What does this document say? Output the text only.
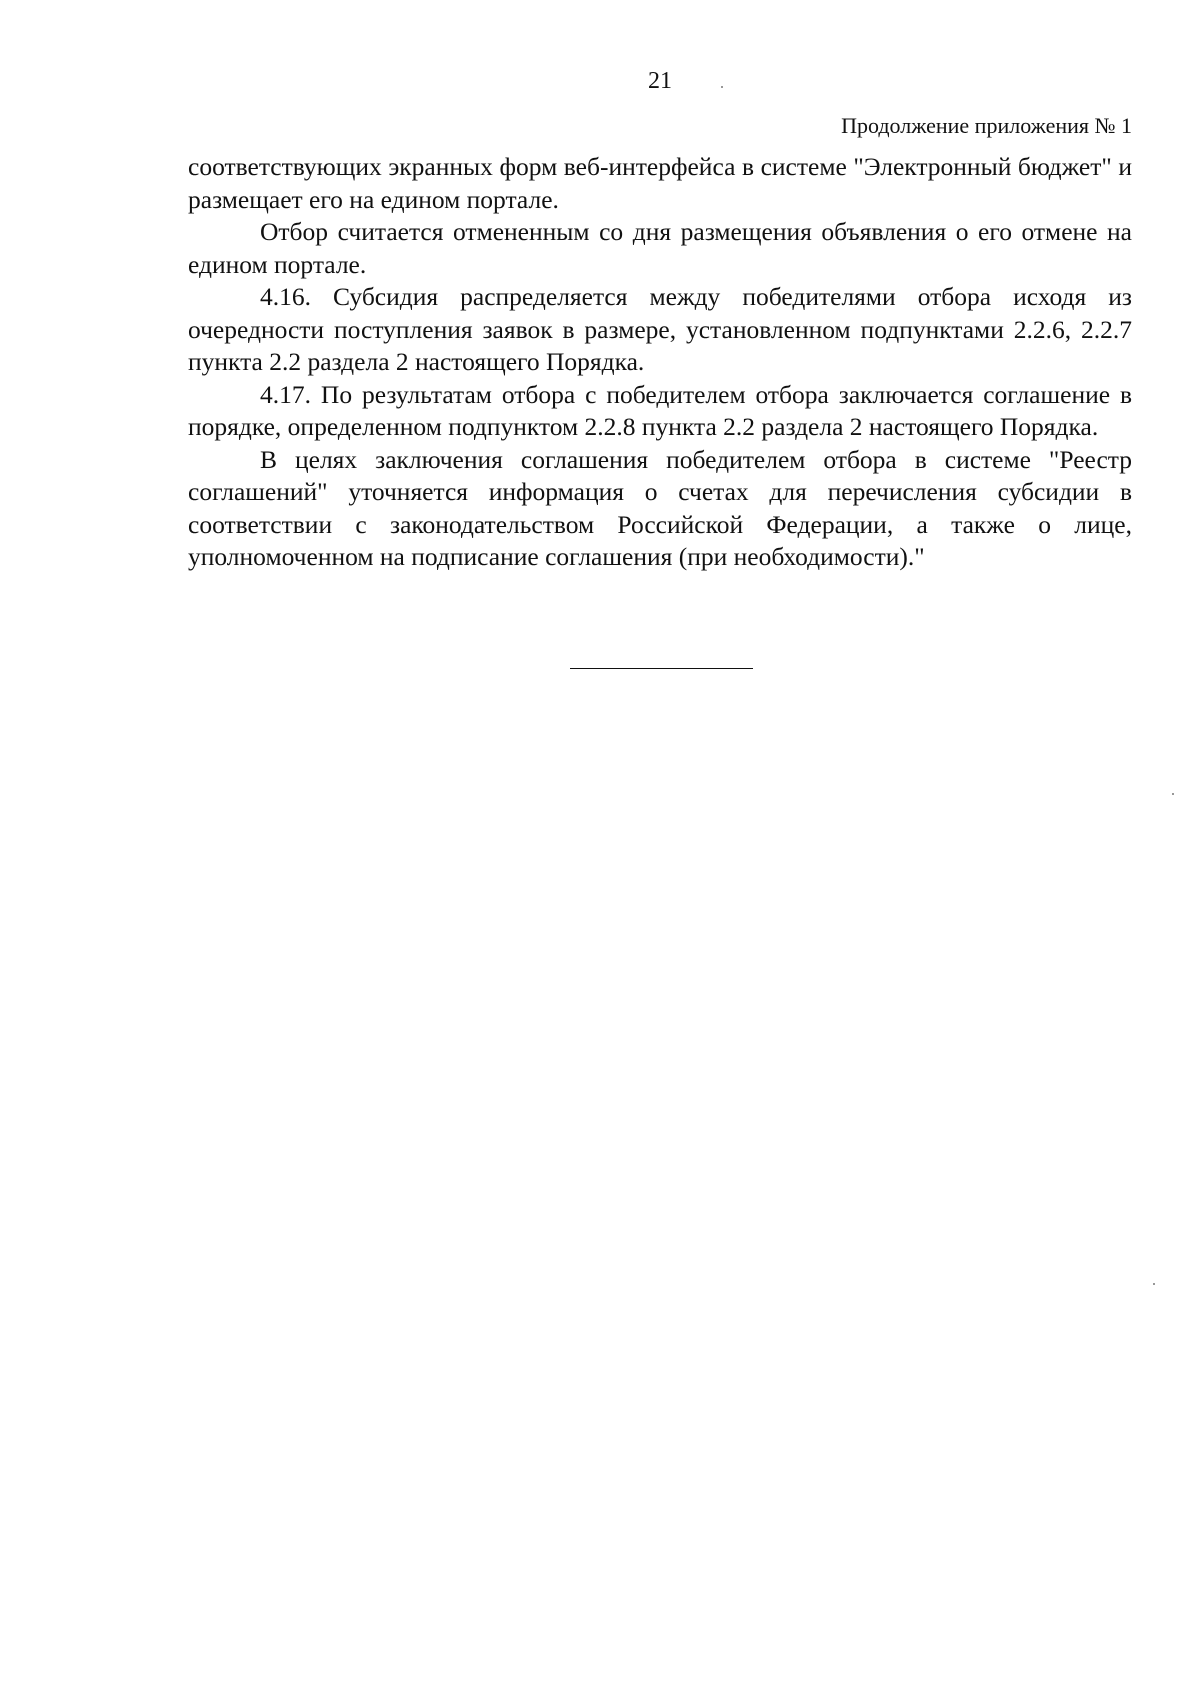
21
Продолжение приложения № 1

соответствующих экранных форм веб-интерфейса в системе "Электронный бюджет" и размещает его на едином портале.

Отбор считается отмененным со дня размещения объявления о его отмене на едином портале.

4.16. Субсидия распределяется между победителями отбора исходя из очередности поступления заявок в размере, установленном подпунктами 2.2.6, 2.2.7 пункта 2.2 раздела 2 настоящего Порядка.

4.17. По результатам отбора с победителем отбора заключается соглашение в порядке, определенном подпунктом 2.2.8 пункта 2.2 раздела 2 настоящего Порядка.

В целях заключения соглашения победителем отбора в системе "Реестр соглашений" уточняется информация о счетах для перечисления субсидии в соответствии с законодательством Российской Федерации, а также о лице, уполномоченном на подписание соглашения (при необходимости)."
